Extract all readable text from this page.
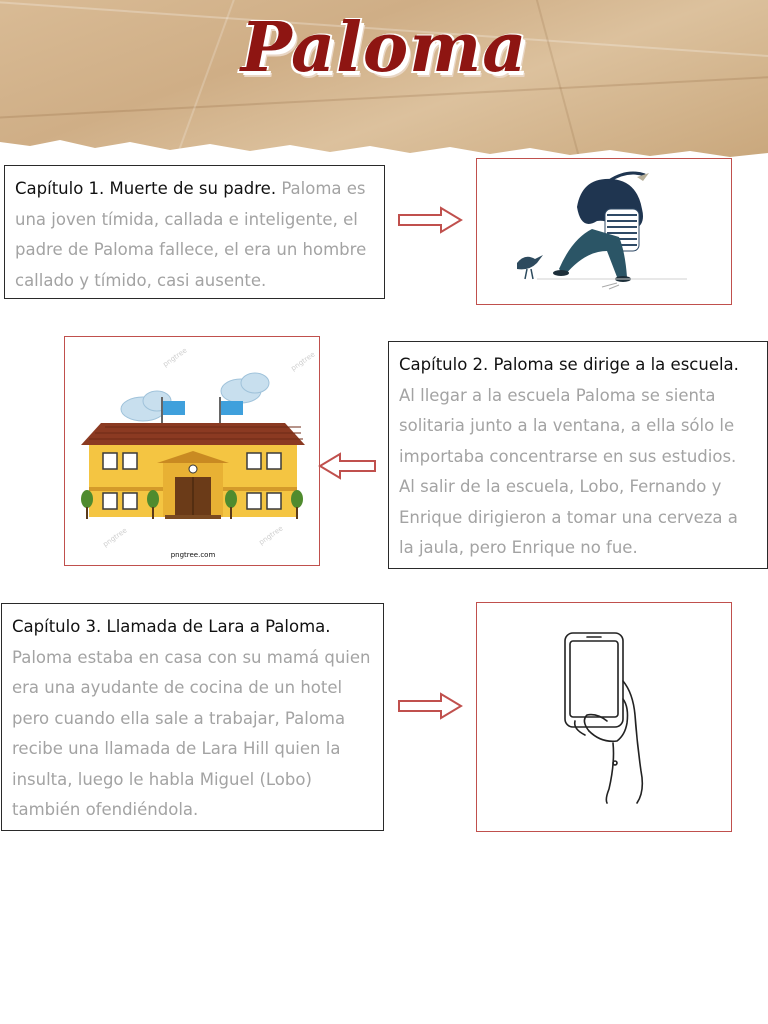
Paloma
Capítulo 1. Muerte de su padre. Paloma es una joven tímida, callada e inteligente, el padre de Paloma fallece, el era un hombre callado y tímido, casi ausente.
pngtree	pngtree
pngtree	pngtree
pngtree.com
Capítulo 2. Paloma se dirige a la escuela. Al llegar a la escuela Paloma se sienta solitaria junto a la ventana, a ella sólo le importaba concentrarse en sus estudios. Al salir de la escuela, Lobo, Fernando y Enrique dirigieron a tomar una cerveza a la jaula, pero Enrique no fue.
Capítulo 3. Llamada de Lara a Paloma. Paloma estaba en casa con su mamá quien era una ayudante de cocina de un hotel pero cuando ella sale a trabajar, Paloma recibe una llamada de Lara Hill quien la insulta, luego le habla Miguel (Lobo) también ofendiéndola.
